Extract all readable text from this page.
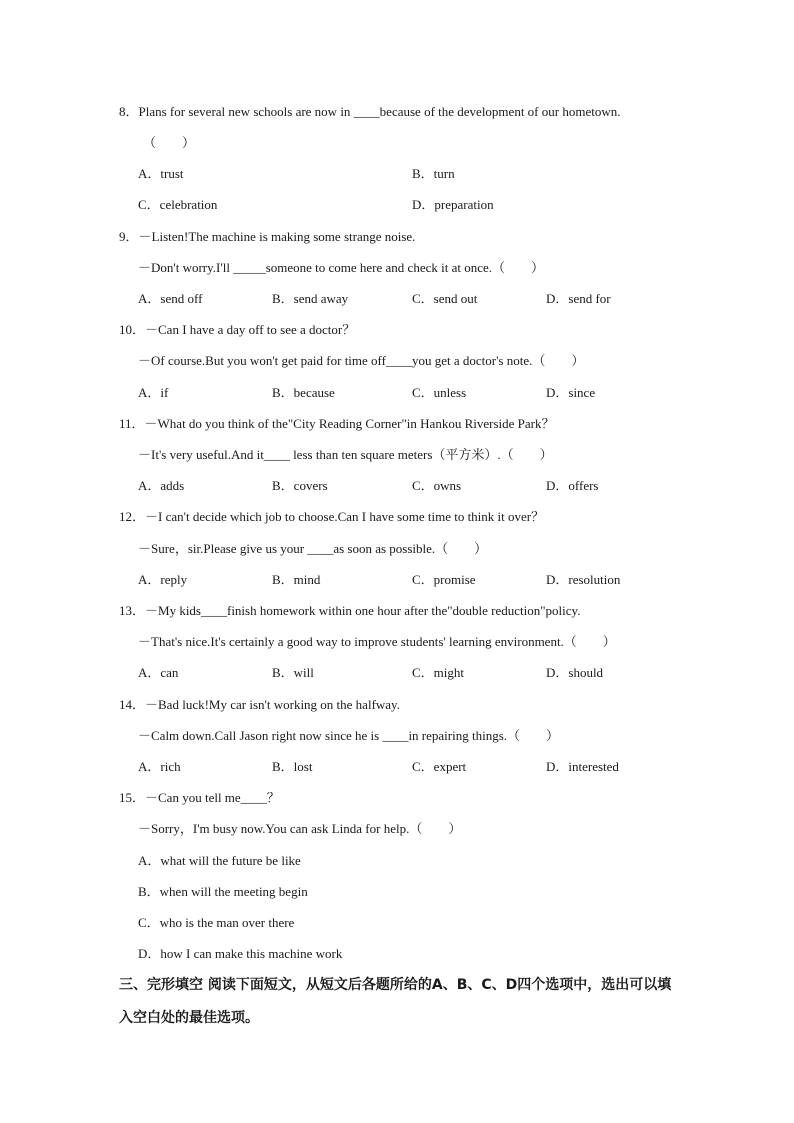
8．Plans for several new schools are now in ____because of the development of our hometown.
（　　）
A．trust	B．turn
C．celebration	D．preparation
9．－Listen!The machine is making some strange noise.
－Don't worry.I'll _____someone to come here and check it at once.（　　）
A．send off	B．send away	C．send out	D．send for
10．－Can I have a day off to see a doctor？
－Of course.But you won't get paid for time off____you get a doctor's note.（　　）
A．if	B．because	C．unless	D．since
11．－What do you think of the"City Reading Corner"in Hankou Riverside Park？
－It's very useful.And it____ less than ten square meters（平方米）.（　　）
A．adds	B．covers	C．owns	D．offers
12．－I can't decide which job to choose.Can I have some time to think it over？
－Sure，sir.Please give us your ____as soon as possible.（　　）
A．reply	B．mind	C．promise	D．resolution
13．－My kids____finish homework within one hour after the"double reduction"policy.
－That's nice.It's certainly a good way to improve students' learning environment.（　　）
A．can	B．will	C．might	D．should
14．－Bad luck!My car isn't working on the halfway.
－Calm down.Call Jason right now since he is ____in repairing things.（　　）
A．rich	B．lost	C．expert	D．interested
15．－Can you tell me____？
－Sorry，I'm busy now.You can ask Linda for help.（　　）
A．what will the future be like
B．when will the meeting begin
C．who is the man over there
D．how I can make this machine work
三、完形填空 阅读下面短文，从短文后各题所给的A、B、C、D四个选项中，选出可以填
入空白处的最佳选项。
